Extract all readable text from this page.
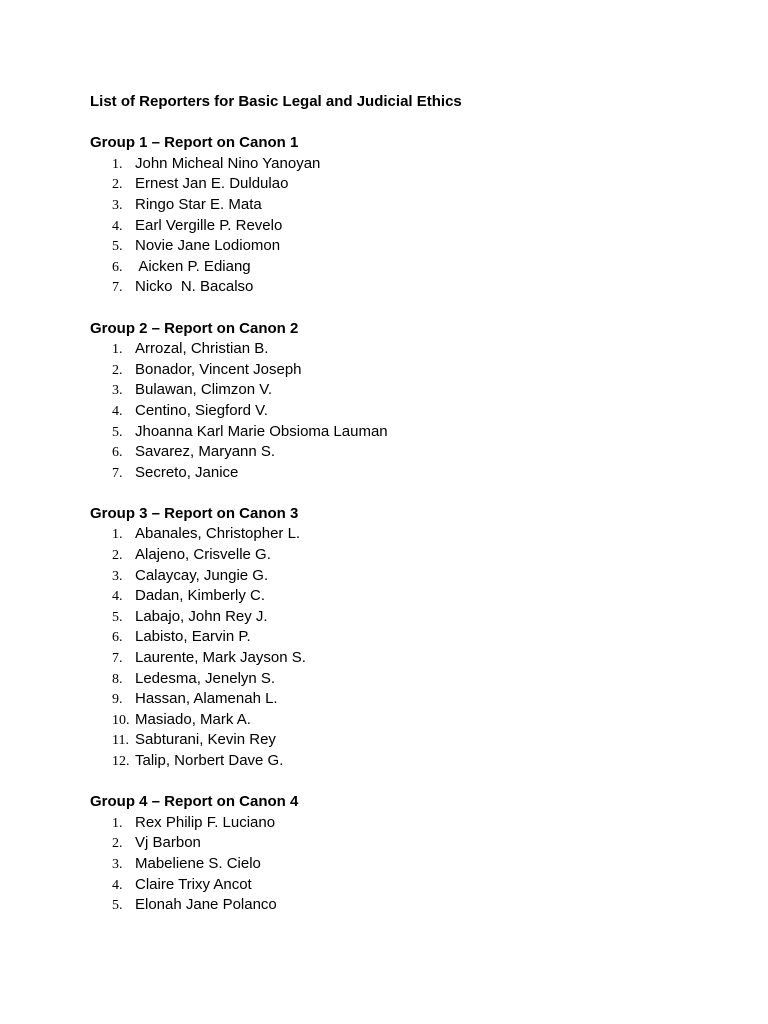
List of Reporters for Basic Legal and Judicial Ethics
Group 1 – Report on Canon 1
1. John Micheal Nino Yanoyan
2. Ernest Jan E. Duldulao
3. Ringo Star E. Mata
4. Earl Vergille P. Revelo
5. Novie Jane Lodiomon
6. Aicken P. Ediang
7. Nicko  N. Bacalso
Group 2 – Report on Canon 2
1. Arrozal, Christian B.
2. Bonador, Vincent Joseph
3. Bulawan, Climzon V.
4. Centino, Siegford V.
5. Jhoanna Karl Marie Obsioma Lauman
6. Savarez, Maryann S.
7. Secreto, Janice
Group 3 – Report on Canon 3
1. Abanales, Christopher L.
2. Alajeno, Crisvelle G.
3. Calaycay, Jungie G.
4. Dadan, Kimberly C.
5. Labajo, John Rey J.
6. Labisto, Earvin P.
7. Laurente, Mark Jayson S.
8. Ledesma, Jenelyn S.
9. Hassan, Alamenah L.
10. Masiado, Mark A.
11. Sabturani, Kevin Rey
12. Talip, Norbert Dave G.
Group 4 – Report on Canon 4
1. Rex Philip F. Luciano
2. Vj Barbon
3. Mabeliene S. Cielo
4. Claire Trixy Ancot
5. Elonah Jane Polanco
